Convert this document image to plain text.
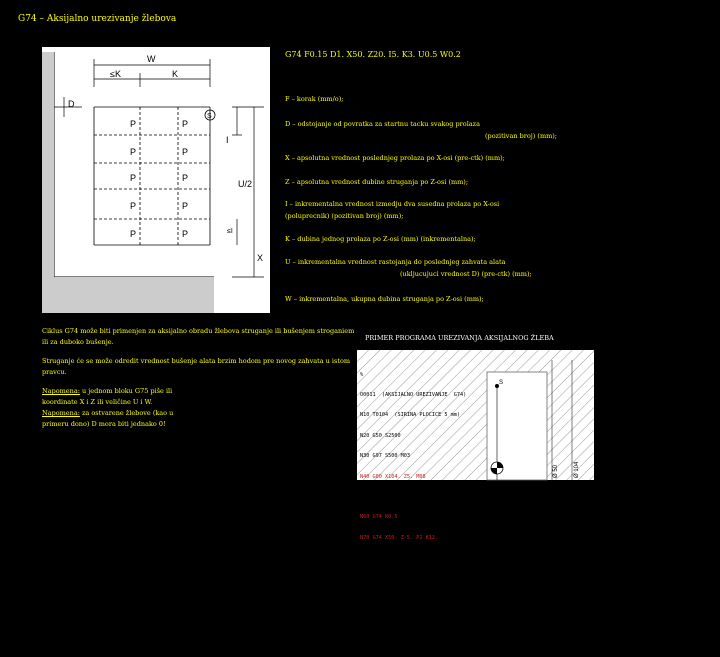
G74 – Aksijalno urezivanje žlebova
W
≤K	K
D
P	P
P	P
P	P
P	P
P	P
I
U/2
≤I
X
S
G74 F0.15 D1. X50. Z20. I5. K3. U0.5 W0.2
F – korak (mm/o);
D – odstojanje od povratka za startnu tacku svakog prolaza
(pozitivan broj) (mm);
X – apsolutna vrednost poslednjeg prolaza po X-osi (pre-ctk) (mm);
Z – apsolutna vrednost dubine struganja po Z-osi (mm);
I – inkrementalna vrednost izmedju dva susedna prolaza po X-osi
(poluprecnik) (pozitivan broj) (mm);
K – dubina jednog prolaza po Z-osi (mm) (inkrementalna);
U – inkrementalna vrednost rastojanja do poslednjeg zahvata alata
(ukljucujuci vrednost D) (pre-ctk) (mm);
W – inkrementalna, ukupna dubina struganja po Z-osi (mm);

Ciklus G74 može biti primenjen za aksijalno obradu žlebova struganje ili bušenjem stroganiem ili za duboko bušenje.

Struganje će se može odredit vrednost bušenje alata brzim hodom pre novog zahvata u istom pravcu.

Napomena: u jednom bloku G75 piše ili
koordinate X i Z ili veličine U i W.
Napomena: za ostvarene žlebove (kao u
primeru dono) D mora biti jednako 0!
PRIMER PROGRAMA UREZIVANJA AKSIJALNOG ŽLEBA
S
Ø 50	Ø 104

%

O0011  (AKSIJALNO UREZIVANJE  G74)

N10 T0104  (SIRINA PLOCICE 5 mm)

N20 G50 S2500

N30 G97 S500 M03

N40 G00 X104. Z5. M08

N50 G96 S160

N60 G74 R0.5

N70 G74 X50. Z-5. P2 K12.

N80 G00 X200. Z100.

N90 G97 S500

N100 M05

N110 M30

%
